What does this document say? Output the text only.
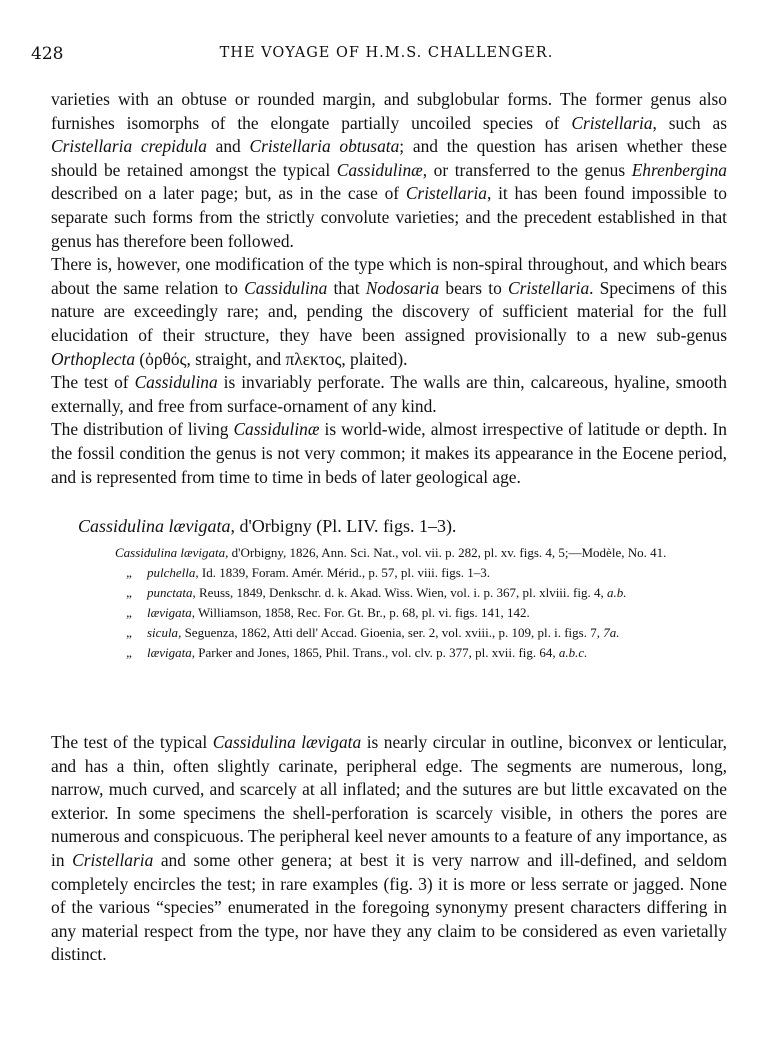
428	THE VOYAGE OF H.M.S. CHALLENGER.

varieties with an obtuse or rounded margin, and subglobular forms. The former genus also furnishes isomorphs of the elongate partially uncoiled species of Cristellaria, such as Cristellaria crepidula and Cristellaria obtusata; and the question has arisen whether these should be retained amongst the typical Cassidulinæ, or transferred to the genus Ehrenbergina described on a later page; but, as in the case of Cristellaria, it has been found impossible to separate such forms from the strictly convolute varieties; and the precedent established in that genus has therefore been followed.

There is, however, one modification of the type which is non-spiral throughout, and which bears about the same relation to Cassidulina that Nodosaria bears to Cristellaria. Specimens of this nature are exceedingly rare; and, pending the discovery of sufficient material for the full elucidation of their structure, they have been assigned provisionally to a new sub-genus Orthoplecta (ὀρθός, straight, and πλεκτος, plaited).

The test of Cassidulina is invariably perforate. The walls are thin, calcareous, hyaline, smooth externally, and free from surface-ornament of any kind.

The distribution of living Cassidulinæ is world-wide, almost irrespective of latitude or depth. In the fossil condition the genus is not very common; it makes its appearance in the Eocene period, and is represented from time to time in beds of later geological age.

Cassidulina lævigata, d'Orbigny (Pl. LIV. figs. 1–3).
Cassidulina lævigata, d'Orbigny, 1826, Ann. Sci. Nat., vol. vii. p. 282, pl. xv. figs. 4, 5;—Modèle, No. 41.
„	pulchella, Id. 1839, Foram. Amér. Mérid., p. 57, pl. viii. figs. 1–3.
„	punctata, Reuss, 1849, Denkschr. d. k. Akad. Wiss. Wien, vol. i. p. 367, pl. xlviii. fig. 4, a.b.
„	lævigata, Williamson, 1858, Rec. For. Gt. Br., p. 68, pl. vi. figs. 141, 142.
„	sicula, Seguenza, 1862, Atti dell' Accad. Gioenia, ser. 2, vol. xviii., p. 109, pl. i. figs. 7, 7a.
„	lævigata, Parker and Jones, 1865, Phil. Trans., vol. clv. p. 377, pl. xvii. fig. 64, a.b.c.

The test of the typical Cassidulina lævigata is nearly circular in outline, biconvex or lenticular, and has a thin, often slightly carinate, peripheral edge. The segments are numerous, long, narrow, much curved, and scarcely at all inflated; and the sutures are but little excavated on the exterior. In some specimens the shell-perforation is scarcely visible, in others the pores are numerous and conspicuous. The peripheral keel never amounts to a feature of any importance, as in Cristellaria and some other genera; at best it is very narrow and ill-defined, and seldom completely encircles the test; in rare examples (fig. 3) it is more or less serrate or jagged. None of the various “species” enumerated in the foregoing synonymy present characters differing in any material respect from the type, nor have they any claim to be considered as even varietally distinct.
